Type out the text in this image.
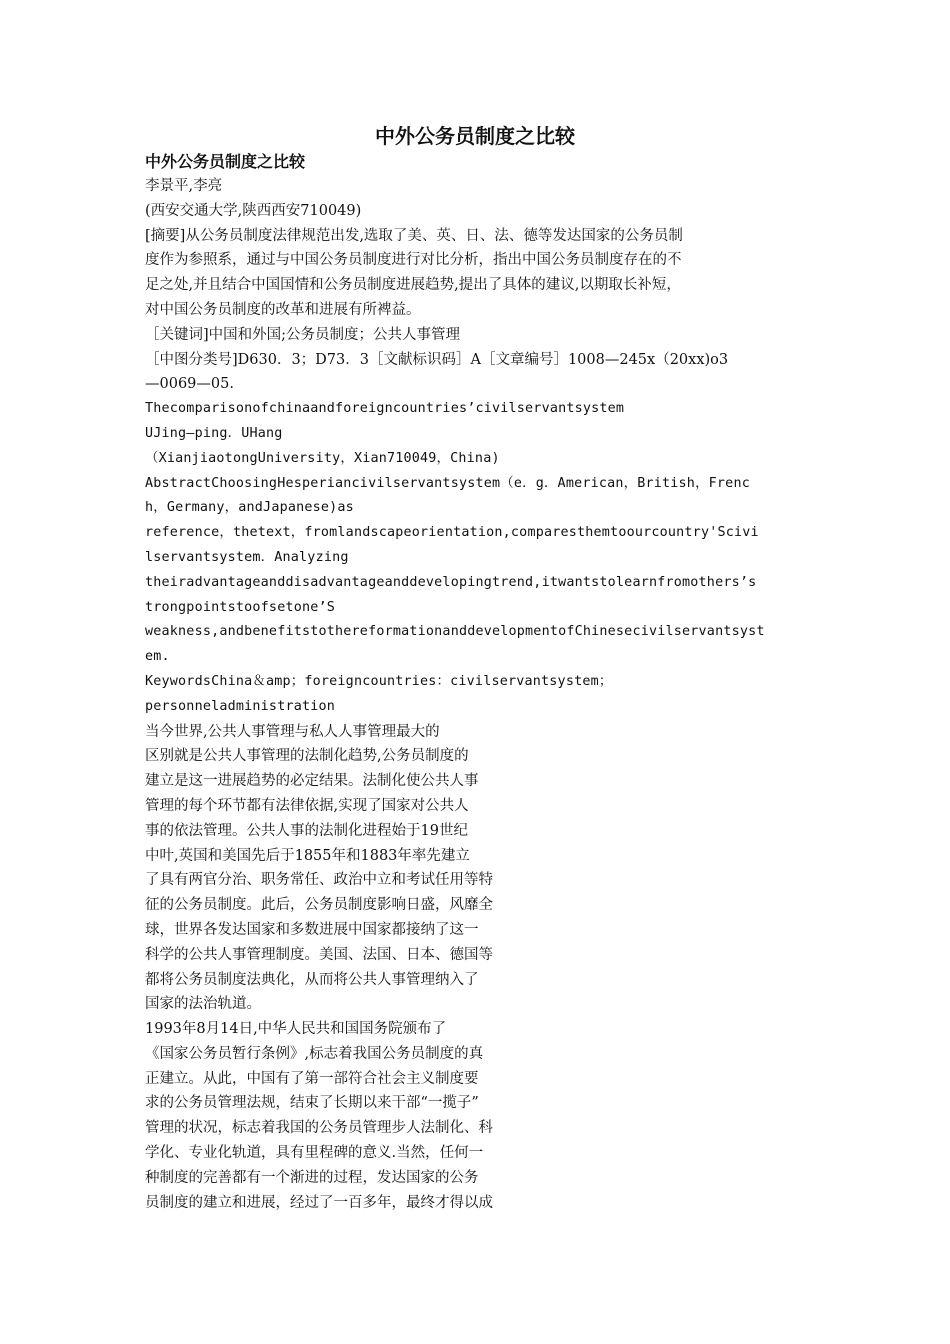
中外公务员制度之比较
中外公务员制度之比较
李景平,李亮
(西安交通大学,陕西西安710049)
[摘要]从公务员制度法律规范出发,选取了美、英、日、法、德等发达国家的公务员制
度作为参照系，通过与中国公务员制度进行对比分析，指出中国公务员制度存在的不
足之处,并且结合中国国情和公务员制度进展趋势,提出了具体的建议,以期取长补短，
对中国公务员制度的改革和进展有所裨益。
［关键词]中国和外国;公务员制度；公共人事管理
［中图分类号]D630．3；D73．3［文献标识码］A［文章编号］1008—245x（20xx)o3
—0069—05.
Thecomparisonofchinaandforeigncountries’civilservantsystem
UJing—ping．UHang
（XianjiaotongUniversity，Xian710049，China)
AbstractChoosingHesperiancivilservantsystem（e．g．American，British，Frenc
h，Germany，andJapanese)as
reference，thetext，fromlandscapeorientation,comparesthemtoourcountry'Scivi
lservantsystem．Analyzing
theiradvantageanddisadvantageanddevelopingtrend,itwantstolearnfromothers’s
trongpointstoofsetone’S
weakness,andbenefitstothereformationanddevelopmentofChinesecivilservantsyst
em.
KeywordsChina＆amp；foreigncountries：civilservantsystem；
personneladministration
当今世界,公共人事管理与私人人事管理最大的
区别就是公共人事管理的法制化趋势,公务员制度的
建立是这一进展趋势的必定结果。法制化使公共人事
管理的每个环节都有法律依据,实现了国家对公共人
事的依法管理。公共人事的法制化进程始于19世纪
中叶,英国和美国先后于1855年和1883年率先建立
了具有两官分治、职务常任、政治中立和考试任用等特
征的公务员制度。此后，公务员制度影响日盛，风靡全
球，世界各发达国家和多数进展中国家都接纳了这一
科学的公共人事管理制度。美国、法国、日本、德国等
都将公务员制度法典化，从而将公共人事管理纳入了
国家的法治轨道。
1993年8月14日,中华人民共和国国务院颁布了
《国家公务员暂行条例》,标志着我国公务员制度的真
正建立。从此，中国有了第一部符合社会主义制度要
求的公务员管理法规，结束了长期以来干部“一揽子”
管理的状况，标志着我国的公务员管理步人法制化、科
学化、专业化轨道，具有里程碑的意义.当然，任何一
种制度的完善都有一个渐进的过程，发达国家的公务
员制度的建立和进展，经过了一百多年，最终才得以成
